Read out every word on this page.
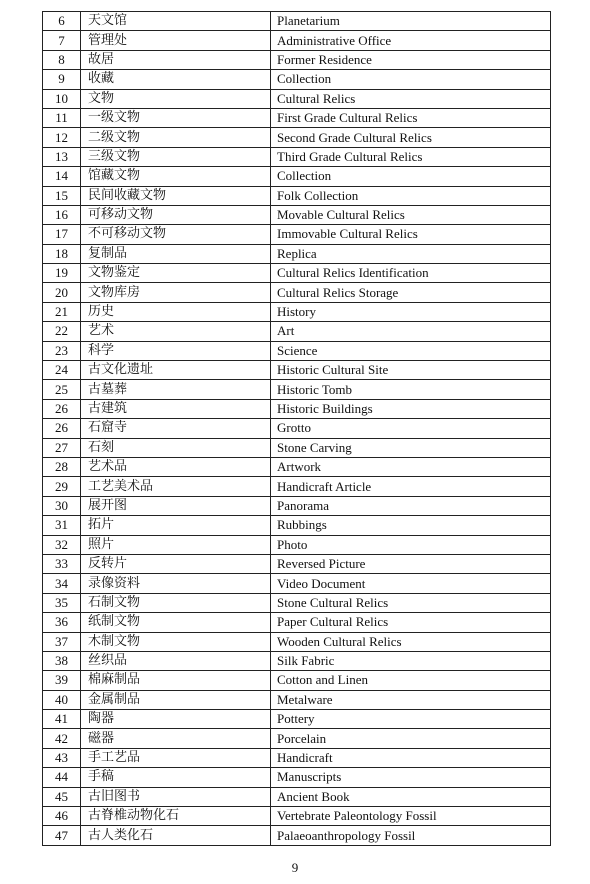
6	天文馆	Planetarium
7	管理处	Administrative Office
8	故居	Former Residence
9	收藏	Collection
10	文物	Cultural Relics
11	一级文物	First Grade Cultural Relics
12	二级文物	Second Grade Cultural Relics
13	三级文物	Third Grade Cultural Relics
14	馆藏文物	Collection
15	民间收藏文物	Folk Collection
16	可移动文物	Movable Cultural Relics
17	不可移动文物	Immovable Cultural Relics
18	复制品	Replica
19	文物鉴定	Cultural Relics Identification
20	文物库房	Cultural Relics Storage
21	历史	History
22	艺术	Art
23	科学	Science
24	古文化遗址	Historic Cultural Site
25	古墓葬	Historic Tomb
26	古建筑	Historic Buildings
26	石窟寺	Grotto
27	石刻	Stone Carving
28	艺术品	Artwork
29	工艺美术品	Handicraft Article
30	展开图	Panorama
31	拓片	Rubbings
32	照片	Photo
33	反转片	Reversed Picture
34	录像资料	Video Document
35	石制文物	Stone Cultural Relics
36	纸制文物	Paper Cultural Relics
37	木制文物	Wooden Cultural Relics
38	丝织品	Silk Fabric
39	棉麻制品	Cotton and Linen
40	金属制品	Metalware
41	陶器	Pottery
42	磁器	Porcelain
43	手工艺品	Handicraft
44	手稿	Manuscripts
45	古旧图书	Ancient Book
46	古脊椎动物化石	Vertebrate Paleontology Fossil
47	古人类化石	Palaeoanthropology Fossil
9
